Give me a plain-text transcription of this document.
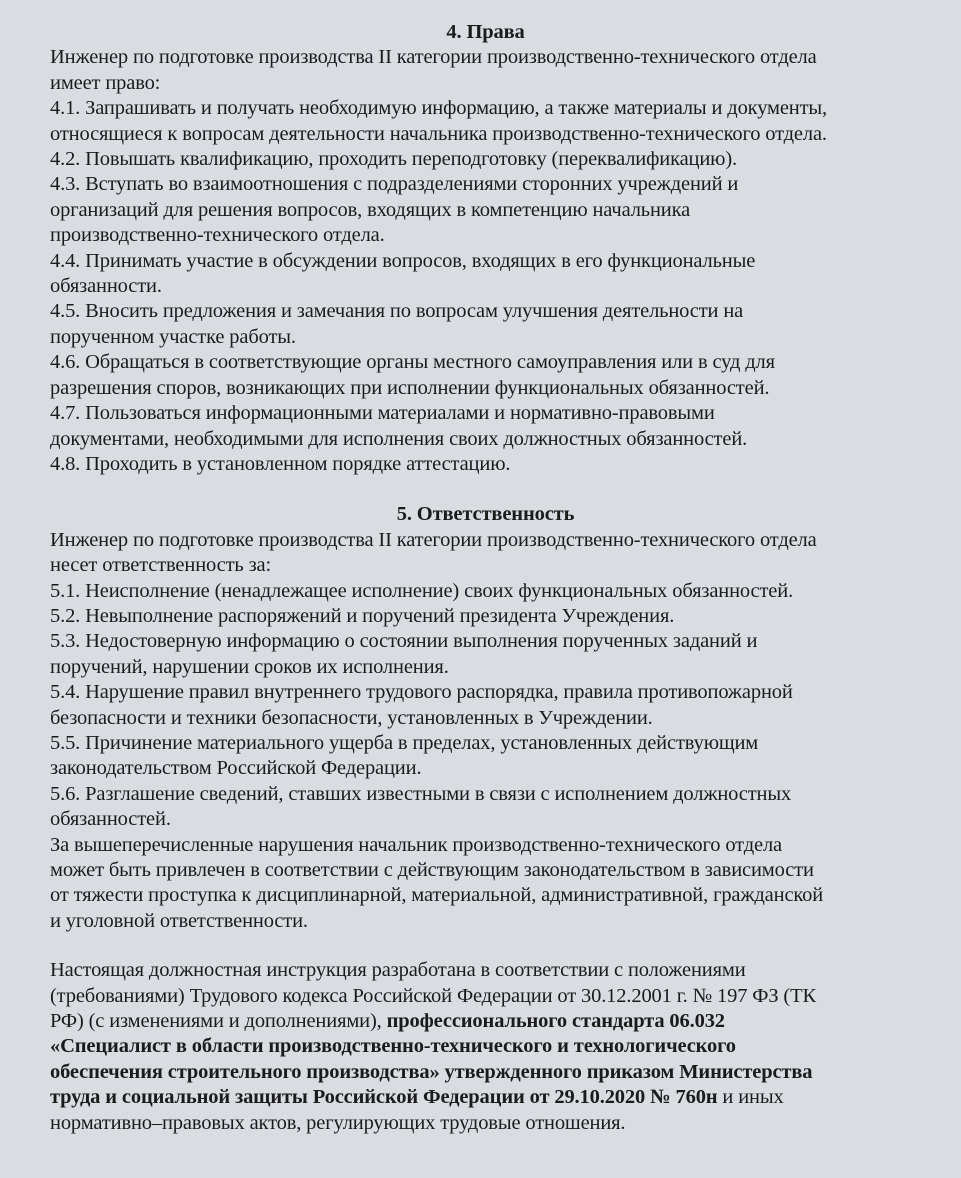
4. Права

Инженер по подготовке производства II категории производственно-технического отдела

имеет право:

4.1. Запрашивать и получать необходимую информацию, а также материалы и документы,

относящиеся к вопросам деятельности начальника производственно-технического отдела.

4.2. Повышать квалификацию, проходить переподготовку (переквалификацию).

4.3. Вступать во взаимоотношения с подразделениями сторонних учреждений и

организаций для решения вопросов, входящих в компетенцию начальника

производственно-технического отдела.

4.4. Принимать участие в обсуждении вопросов, входящих в его функциональные

обязанности.

4.5. Вносить предложения и замечания по вопросам улучшения деятельности на

порученном участке работы.

4.6. Обращаться в соответствующие органы местного самоуправления или в суд для

разрешения споров, возникающих при исполнении функциональных обязанностей.

4.7. Пользоваться информационными материалами и нормативно-правовыми

документами, необходимыми для исполнения своих должностных обязанностей.

4.8. Проходить в установленном порядке аттестацию.

5. Ответственность

Инженер по подготовке производства II категории производственно-технического отдела

несет ответственность за:

5.1. Неисполнение (ненадлежащее исполнение) своих функциональных обязанностей.

5.2. Невыполнение распоряжений и поручений президента Учреждения.

5.3. Недостоверную информацию о состоянии выполнения порученных заданий и

поручений, нарушении сроков их исполнения.

5.4. Нарушение правил внутреннего трудового распорядка, правила противопожарной

безопасности и техники безопасности, установленных в Учреждении.

5.5. Причинение материального ущерба в пределах, установленных действующим

законодательством Российской Федерации.

5.6. Разглашение сведений, ставших известными в связи с исполнением должностных

обязанностей.

За вышеперечисленные нарушения начальник производственно-технического отдела

может быть привлечен в соответствии с действующим законодательством в зависимости

от тяжести проступка к дисциплинарной, материальной, административной, гражданской

и уголовной ответственности.

Настоящая должностная инструкция разработана в соответствии с положениями

(требованиями) Трудового кодекса Российской Федерации от 30.12.2001 г. № 197 ФЗ (ТК

РФ) (с изменениями и дополнениями), профессионального стандарта 06.032

«Специалист в области производственно-технического и технологического

обеспечения строительного производства» утвержденного приказом Министерства

труда и социальной защиты Российской Федерации от 29.10.2020 № 760н и иных

нормативно–правовых актов, регулирующих трудовые отношения.
